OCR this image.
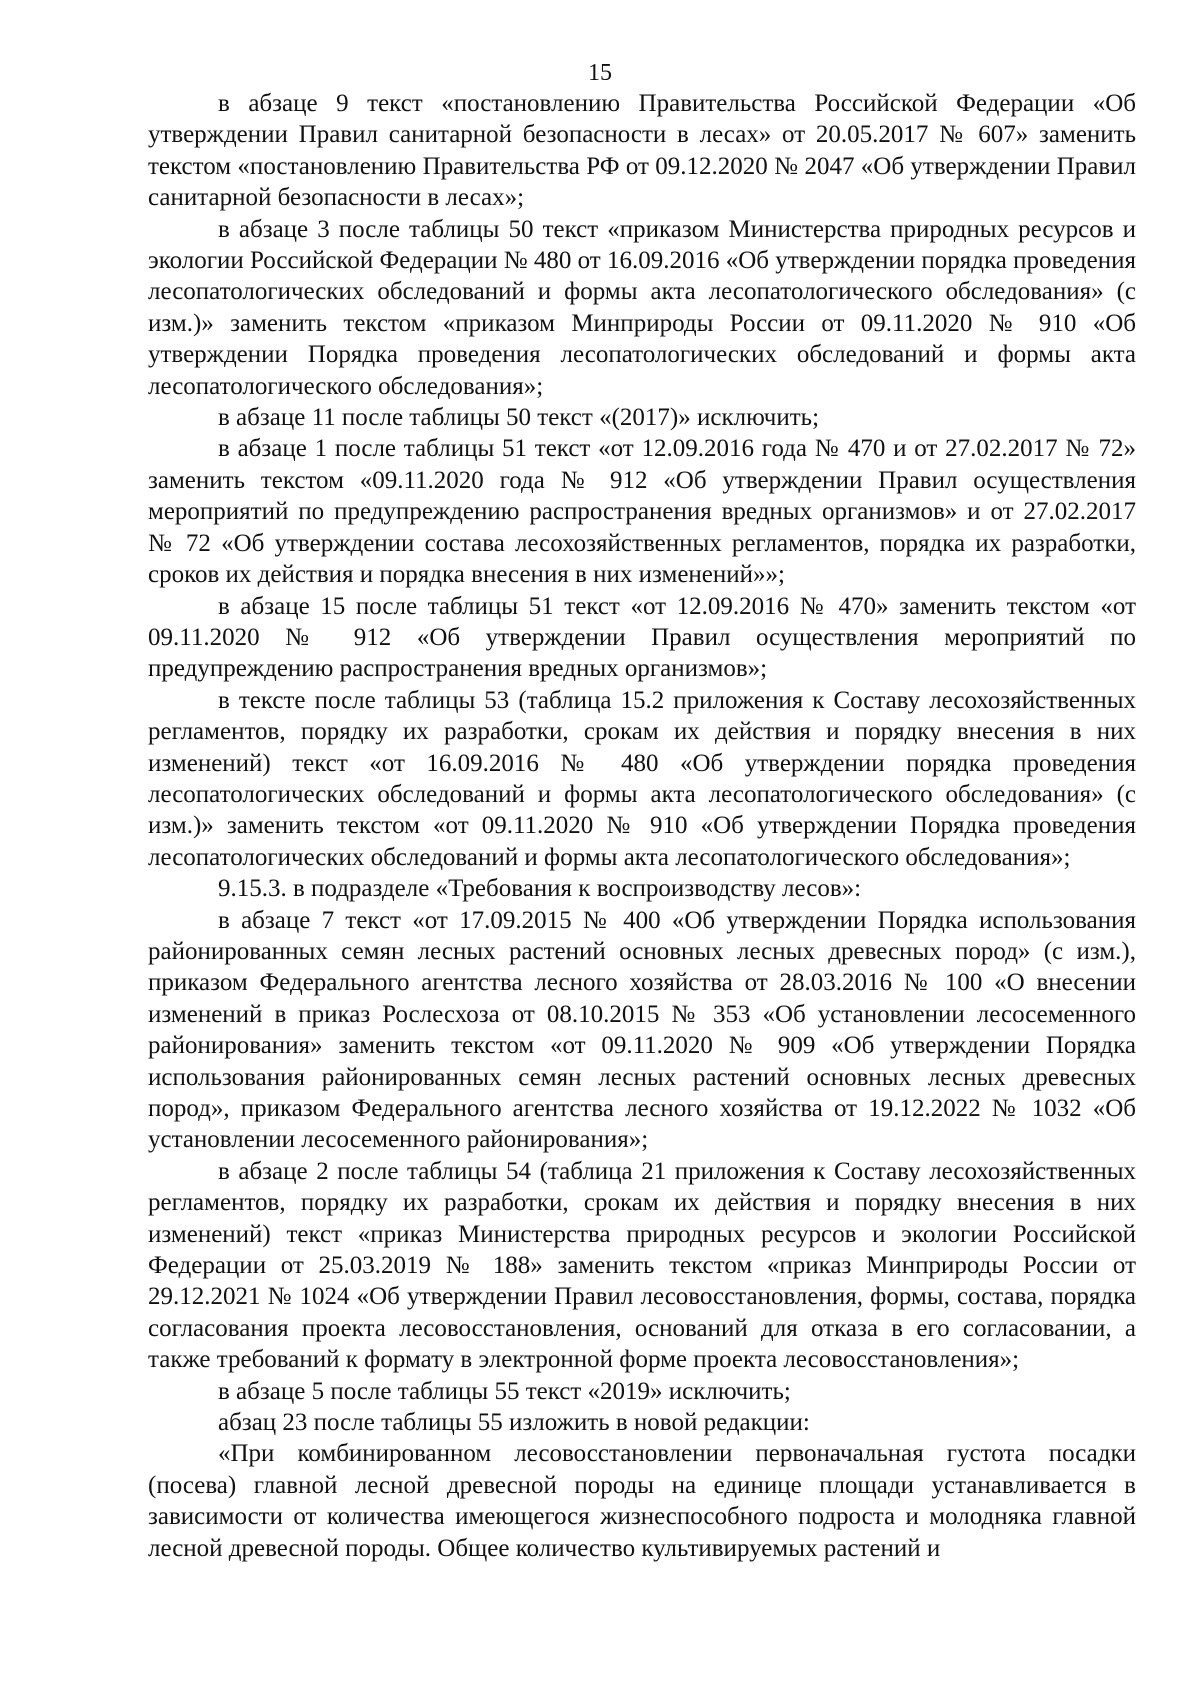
15

в абзаце 9 текст «постановлению Правительства Российской Федерации «Об утверждении Правил санитарной безопасности в лесах» от 20.05.2017 № 607» заменить текстом «постановлению Правительства РФ от 09.12.2020 № 2047 «Об утверждении Правил санитарной безопасности в лесах»;

в абзаце 3 после таблицы 50 текст «приказом Министерства природных ресурсов и экологии Российской Федерации № 480 от 16.09.2016 «Об утверждении порядка проведения лесопатологических обследований и формы акта лесопатологического обследования» (с изм.)» заменить текстом «приказом Минприроды России от 09.11.2020 № 910 «Об утверждении Порядка проведения лесопатологических обследований и формы акта лесопатологического обследования»;

в абзаце 11 после таблицы 50 текст «(2017)» исключить;

в абзаце 1 после таблицы 51 текст «от 12.09.2016 года № 470 и от 27.02.2017 № 72» заменить текстом «09.11.2020 года № 912 «Об утверждении Правил осуществления мероприятий по предупреждению распространения вредных организмов» и от 27.02.2017 № 72 «Об утверждении состава лесохозяйственных регламентов, порядка их разработки, сроков их действия и порядка внесения в них изменений»»;

в абзаце 15 после таблицы 51 текст «от 12.09.2016 № 470» заменить текстом «от 09.11.2020 № 912 «Об утверждении Правил осуществления мероприятий по предупреждению распространения вредных организмов»;

в тексте после таблицы 53 (таблица 15.2 приложения к Составу лесохозяйственных регламентов, порядку их разработки, срокам их действия и порядку внесения в них изменений) текст «от 16.09.2016 № 480 «Об утверждении порядка проведения лесопатологических обследований и формы акта лесопатологического обследования» (с изм.)» заменить текстом «от 09.11.2020 № 910 «Об утверждении Порядка проведения лесопатологических обследований и формы акта лесопатологического обследования»;

9.15.3. в подразделе «Требования к воспроизводству лесов»:

в абзаце 7 текст «от 17.09.2015 № 400 «Об утверждении Порядка использования районированных семян лесных растений основных лесных древесных пород» (с изм.), приказом Федерального агентства лесного хозяйства от 28.03.2016 № 100 «О внесении изменений в приказ Рослесхоза от 08.10.2015 № 353 «Об установлении лесосеменного районирования» заменить текстом «от 09.11.2020 № 909 «Об утверждении Порядка использования районированных семян лесных растений основных лесных древесных пород», приказом Федерального агентства лесного хозяйства от 19.12.2022 № 1032 «Об установлении лесосеменного районирования»;

в абзаце 2 после таблицы 54 (таблица 21 приложения к Составу лесохозяйственных регламентов, порядку их разработки, срокам их действия и порядку внесения в них изменений) текст «приказ Министерства природных ресурсов и экологии Российской Федерации от 25.03.2019 № 188» заменить текстом «приказ Минприроды России от 29.12.2021 № 1024 «Об утверждении Правил лесовосстановления, формы, состава, порядка согласования проекта лесовосстановления, оснований для отказа в его согласовании, а также требований к формату в электронной форме проекта лесовосстановления»;

в абзаце 5 после таблицы 55 текст «2019» исключить;

абзац 23 после таблицы 55 изложить в новой редакции:

«При комбинированном лесовосстановлении первоначальная густота посадки (посева) главной лесной древесной породы на единице площади устанавливается в зависимости от количества имеющегося жизнеспособного подроста и молодняка главной лесной древесной породы. Общее количество культивируемых растений и
